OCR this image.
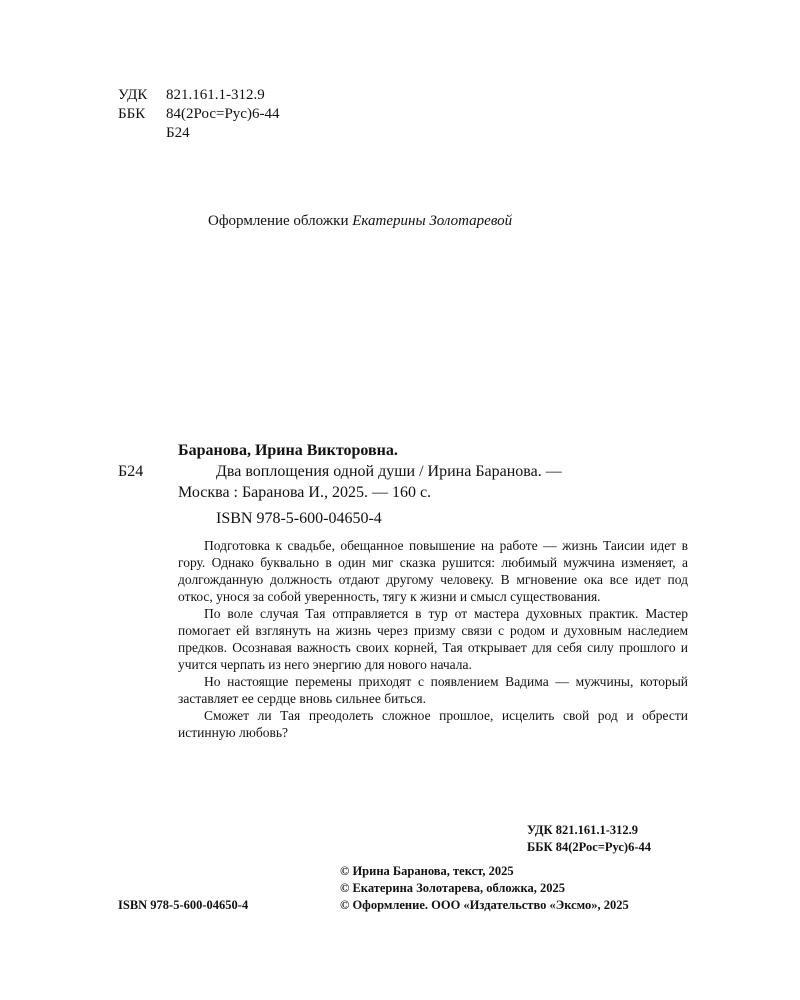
УДК 821.161.1-312.9
ББК 84(2Рос=Рус)6-44
Б24
Оформление обложки Екатерины Золотаревой
Баранова, Ирина Викторовна.
Б24	Два воплощения одной души / Ирина Баранова. —
Москва : Баранова И., 2025. — 160 с.
ISBN 978-5-600-04650-4

Подготовка к свадьбе, обещанное повышение на работе — жизнь Таисии идет в гору. Однако буквально в один миг сказка рушится: любимый мужчина изменяет, а долгожданную должность отдают другому человеку. В мгновение ока все идет под откос, унося за собой уверенность, тягу к жизни и смысл существования.

По воле случая Тая отправляется в тур от мастера духовных практик. Мастер помогает ей взглянуть на жизнь через призму связи с родом и духовным наследием предков. Осознавая важность своих корней, Тая открывает для себя силу прошлого и учится черпать из него энергию для нового начала.

Но настоящие перемены приходят с появлением Вадима — мужчины, который заставляет ее сердце вновь сильнее биться.

Сможет ли Тая преодолеть сложное прошлое, исцелить свой род и обрести истинную любовь?

УДК 821.161.1-312.9
ББК 84(2Рос=Рус)6-44
ISBN 978-5-600-04650-4
© Ирина Баранова, текст, 2025
© Екатерина Золотарева, обложка, 2025
© Оформление. ООО «Издательство «Эксмо», 2025
